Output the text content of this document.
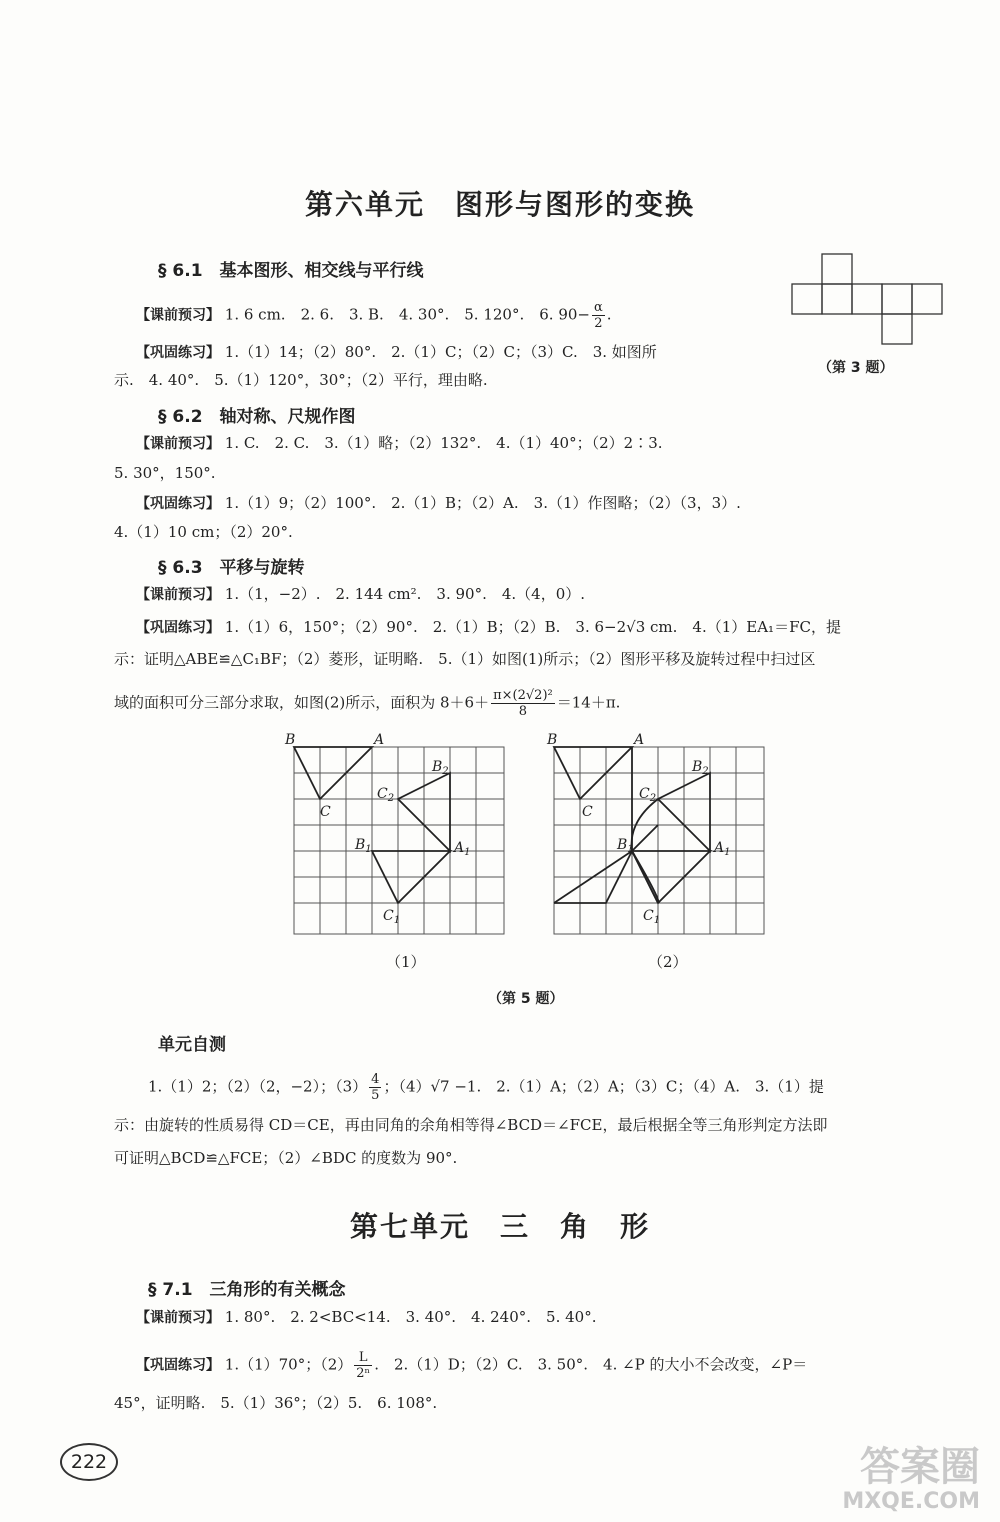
第六单元　图形与图形的变换
§ 6.1　基本图形、相交线与平行线
【课前预习】 1. 6 cm.　2. 6.　3. B.　4. 30°.　5. 120°.　6. $90- \frac{\alpha}{2}$ .
【巩固练习】 1.（1）14；（2）80°.　2.（1）C；（2）C；（3）C.　3. 如图所
示.　4. 40°.　5.（1）120°，30°；（2）平行，理由略.
（第 3 题）
§ 6.2　轴对称、尺规作图
【课前预习】 1. C.　2. C.　3.（1）略；（2）132°.　4.（1）40°；（2）2∶3.
5. 30°，150°.
【巩固练习】 1.（1）9；（2）100°.　2.（1）B；（2）A.　3.（1）作图略；（2）（3，3）.
4.（1）10 cm；（2）20°.
§ 6.3　平移与旋转
【课前预习】 1.（1，−2）.　2. 144 cm².　3. 90°.　4.（4，0）.
【巩固练习】 1.（1）6，150°；（2）90°.　2.（1）B；（2）B.　3. 6−2√3 cm.　4.（1）EA₁＝FC，提
示：证明△ABE≌△C₁BF；（2）菱形，证明略.　5.（1）如图(1)所示；（2）图形平移及旋转过程中扫过区
域的面积可分三部分求取，如图(2)所示，面积为 $8+6+ \frac{\text{π×(2√2)²}}{8} =14+\pi$.
B	A
C
$B_2$
$C_2$
$B_1$	$A_1$
$C_1$
（1）
B	A
C
$B_2$
$C_2$
$B_1$	$A_1$
$C_1$
（2）
（第 5 题）
单元自测
1.（1）2；（2）（2，−2）；$(3) \frac{4}{5}$ ；（4）√7 −1.　2.（1）A；（2）A；（3）C；（4）A.　3.（1）提
示：由旋转的性质易得 CD＝CE，再由同角的余角相等得∠BCD＝∠FCE，最后根据全等三角形判定方法即
可证明△BCD≌△FCE；（2）∠BDC 的度数为 90°.
第七单元　三　角　形
§ 7.1　三角形的有关概念
【课前预习】 1. 80°.　2. 2<BC<14.　3. 40°.　4. 240°.　5. 40°.
【巩固练习】 1.（1）70°；$(2) \frac{L}{\text{2ⁿ}}$ .　2.（1）D；（2）C.　3. 50°.　4. ∠P 的大小不会改变，∠P＝
45°，证明略.　5.（1）36°；（2）5.　6. 108°.
222	答案圈
MXQE.COM
